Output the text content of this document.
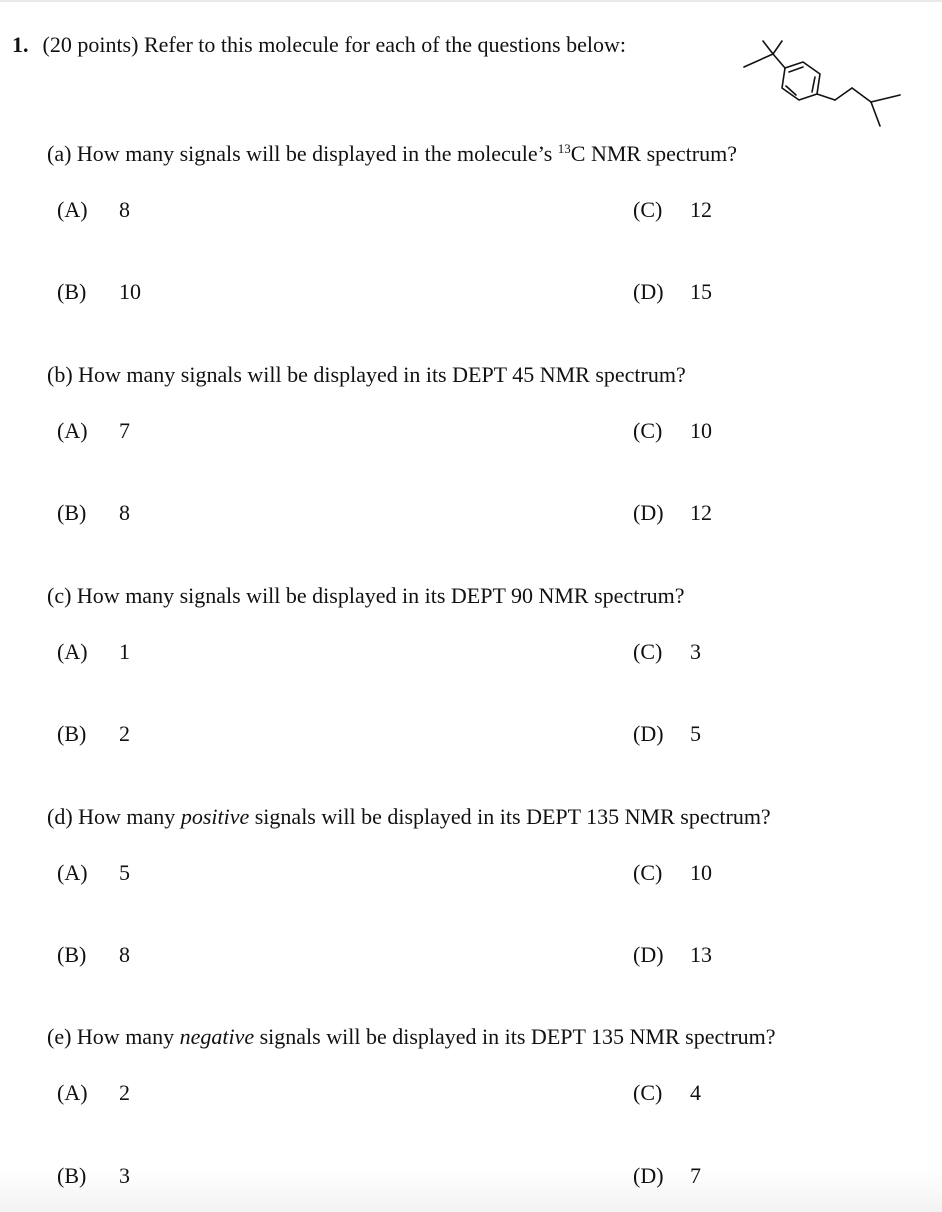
1. (20 points) Refer to this molecule for each of the questions below:
(a) How many signals will be displayed in the molecule’s $^{13}$C NMR spectrum?
(A) 8	(C) 12
(B) 10	(D) 15
(b) How many signals will be displayed in its DEPT 45 NMR spectrum?
(A) 7	(C) 10
(B) 8	(D) 12
(c) How many signals will be displayed in its DEPT 90 NMR spectrum?
(A) 1	(C) 3
(B) 2	(D) 5
(d) How many positive signals will be displayed in its DEPT 135 NMR spectrum?
(A) 5	(C) 10
(B) 8	(D) 13
(e) How many negative signals will be displayed in its DEPT 135 NMR spectrum?
(A) 2	(C) 4
(B) 3	(D) 7
